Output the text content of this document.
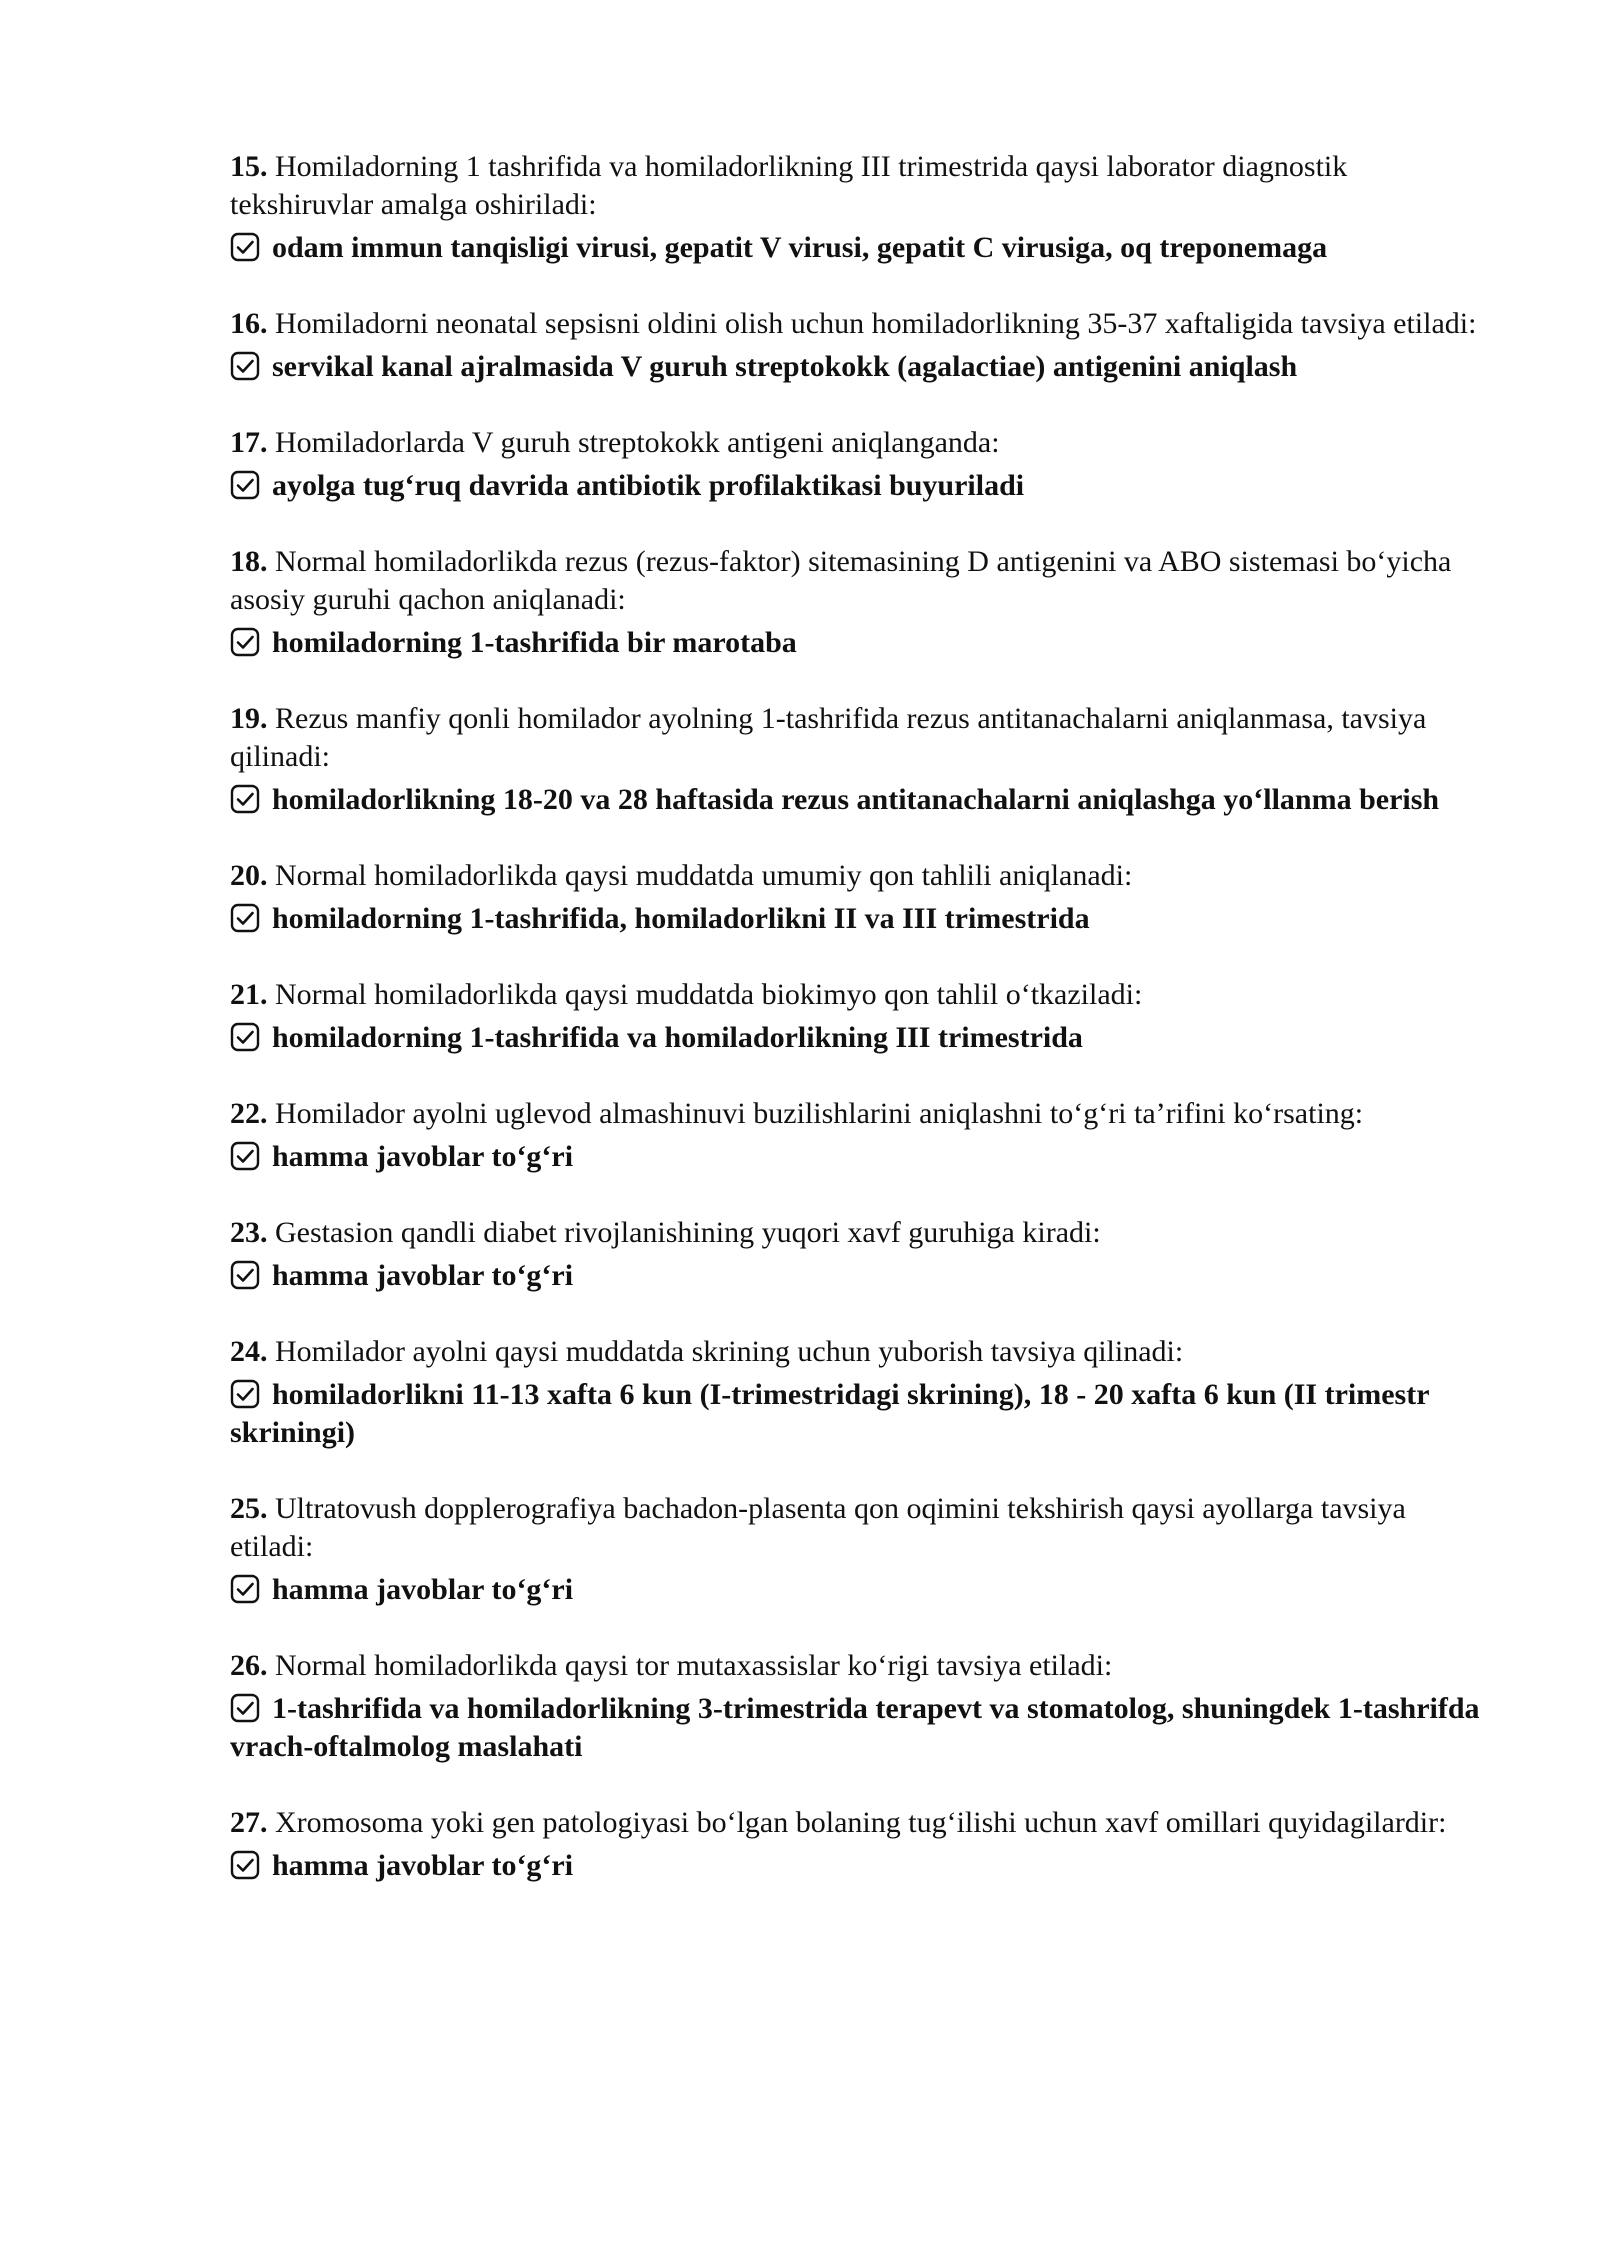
15. Homiladorning 1 tashrifida va homiladorlikning III trimestrida qaysi laborator diagnostik tekshiruvlar amalga oshiriladi:
odam immun tanqisligi virusi, gepatit V virusi, gepatit C virusiga, oq treponemaga
16. Homiladorni neonatal sepsisni oldini olish uchun homiladorlikning 35-37 xaftaligida tavsiya etiladi:
servikal kanal ajralmasida V guruh streptokokk (agalactiae) antigenini aniqlash
17. Homiladorlarda V guruh streptokokk antigeni aniqlanganda:
ayolga tug‘ruq davrida antibiotik profilaktikasi buyuriladi
18. Normal homiladorlikda rezus (rezus-faktor) sitemasining D antigenini va ABO sistemasi bo‘yicha asosiy guruhi qachon aniqlanadi:
homiladorning 1-tashrifida bir marotaba
19. Rezus manfiy qonli homilador ayolning 1-tashrifida rezus antitanachalarni aniqlanmasa, tavsiya qilinadi:
homiladorlikning 18-20 va 28 haftasida rezus antitanachalarni aniqlashga yo‘llanma berish
20. Normal homiladorlikda qaysi muddatda umumiy qon tahlili aniqlanadi:
homiladorning 1-tashrifida, homiladorlikni II va III trimestrida
21. Normal homiladorlikda qaysi muddatda biokimyo qon tahlil o‘tkaziladi:
homiladorning 1-tashrifida va homiladorlikning III trimestrida
22. Homilador ayolni uglevod almashinuvi buzilishlarini aniqlashni to‘g‘ri ta’rifini ko‘rsating:
hamma javoblar to‘g‘ri
23. Gestasion qandli diabet rivojlanishining yuqori xavf guruhiga kiradi:
hamma javoblar to‘g‘ri
24. Homilador ayolni qaysi muddatda skrining uchun yuborish tavsiya qilinadi:
homiladorlikni 11-13 xafta 6 kun (I-trimestridagi skrining), 18 - 20 xafta 6 kun (II trimestr skriningi)
25. Ultratovush dopplerografiya bachadon-plasenta qon oqimini tekshirish qaysi ayollarga tavsiya etiladi:
hamma javoblar to‘g‘ri
26. Normal homiladorlikda qaysi tor mutaxassislar ko‘rigi tavsiya etiladi:
1-tashrifida va homiladorlikning 3-trimestrida terapevt va stomatolog, shuningdek 1-tashrifda vrach-oftalmolog maslahati
27. Xromosoma yoki gen patologiyasi bo‘lgan bolaning tug‘ilishi uchun xavf omillari quyidagilardir:
hamma javoblar to‘g‘ri
